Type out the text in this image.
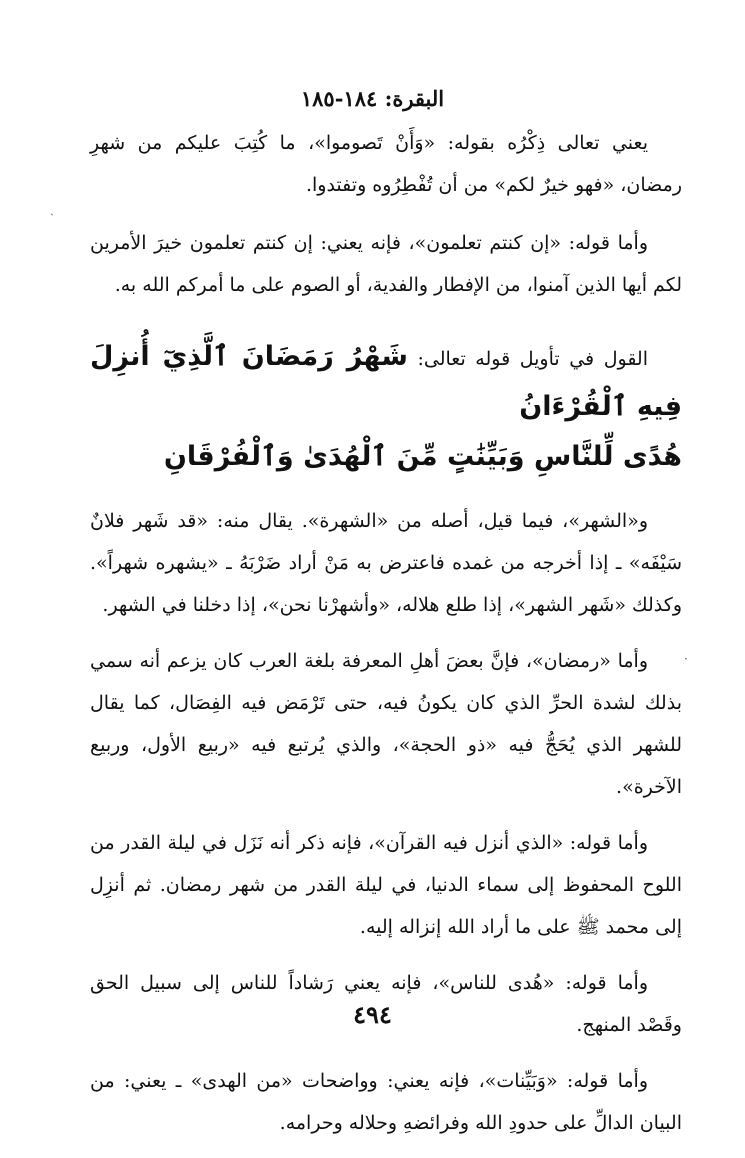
البقرة: ١٨٤-١٨٥

يعني تعالى ذِكْرُه بقوله: «وَأَنْ تَصوموا»، ما كُتِبَ عليكم من شهرِ رمضان، «فهو خيرٌ لكم» من أن تُفْطِرُوه وتفتدوا.

وأما قوله: «إن كنتم تعلمون»، فإنه يعني: إن كنتم تعلمون خيرَ الأمرين لكم أيها الذين آمنوا، من الإفطار والفدية، أو الصوم على ما أمركم الله به.

القول في تأويل قوله تعالى: شَهْرُ رَمَضَانَ ٱلَّذِيٓ أُنزِلَ فِيهِ ٱلْقُرْءَانُ
هُدًى لِّلنَّاسِ وَبَيِّنَٰتٍ مِّنَ ٱلْهُدَىٰ وَٱلْفُرْقَانِ

و«الشهر»، فيما قيل، أصله من «الشهرة». يقال منه: «قد شَهر فلانٌ سَيْفَه» ـ إذا أخرجه من غمده فاعترض به مَنْ أراد ضَرْبَهُ ـ «يشهره شهراً». وكذلك «شَهر الشهر»، إذا طلع هلاله، «وأشهرْنا نحن»، إذا دخلنا في الشهر.

وأما «رمضان»، فإنَّ بعضَ أهلِ المعرفة بلغة العرب كان يزعم أنه سمي بذلك لشدة الحرِّ الذي كان يكونُ فيه، حتى تَرْمَض فيه الفِصَال، كما يقال للشهر الذي يُحَجُّ فيه «ذو الحجة»، والذي يُرتبع فيه «ربيع الأول، وربيع الآخرة».

وأما قوله: «الذي أنزل فيه القرآن»، فإنه ذكر أنه نَزَل في ليلة القدر من اللوح المحفوظ إلى سماء الدنيا، في ليلة القدر من شهر رمضان. ثم أنزِل إلى محمد ﷺ على ما أراد الله إنزاله إليه.

وأما قوله: «هُدى للناس»، فإنه يعني رَشاداً للناس إلى سبيل الحق وقَصْد المنهج.

وأما قوله: «وَبَيِّنات»، فإنه يعني: وواضحات «من الهدى» ـ يعني: من البيان الدالِّ على حدودِ الله وفرائضهِ وحلاله وحرامه.

٤٩٤
ˎ
·
